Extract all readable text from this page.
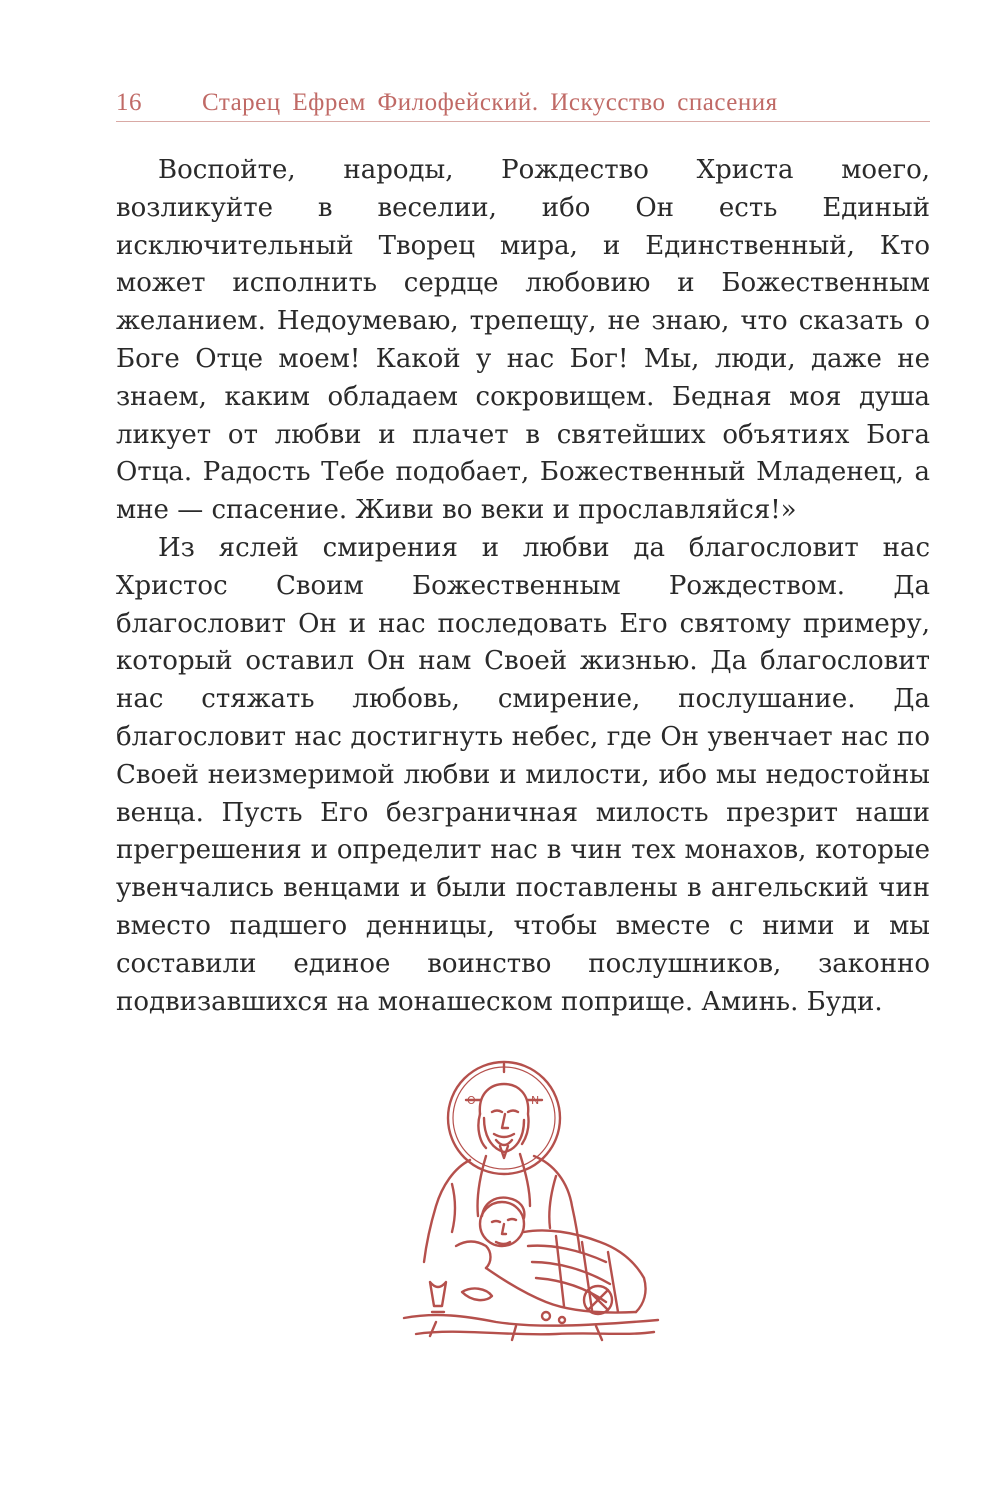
16 Старец Ефрем Филофейский. Искусство спасения

Воспойте, народы, Рождество Христа моего, возликуйте в веселии, ибо Он есть Единый исключительный Творец мира, и Единственный, Кто может исполнить сердце любовию и Божественным желанием. Недоумеваю, трепещу, не знаю, что сказать о Боге Отце моем! Какой у нас Бог! Мы, люди, даже не знаем, каким обладаем сокровищем. Бедная моя душа ликует от любви и плачет в святейших объятиях Бога Отца. Радость Тебе подобает, Божественный Младенец, а мне — спасение. Живи во веки и прославляйся!»

Из яслей смирения и любви да благословит нас Христос Своим Божественным Рождеством. Да благословит Он и нас последовать Его святому примеру, который оставил Он нам Своей жизнью. Да благословит нас стяжать любовь, смирение, послушание. Да благословит нас достигнуть небес, где Он увенчает нас по Своей неизмеримой любви и милости, ибо мы недостойны венца. Пусть Его безграничная милость презрит наши прегрешения и определит нас в чин тех монахов, которые увенчались венцами и были поставлены в ангельский чин вместо падшего денницы, чтобы вместе с ними и мы составили единое воинство послушников, законно подвизавшихся на монашеском поприще. Аминь. Буди.

О	Ν
